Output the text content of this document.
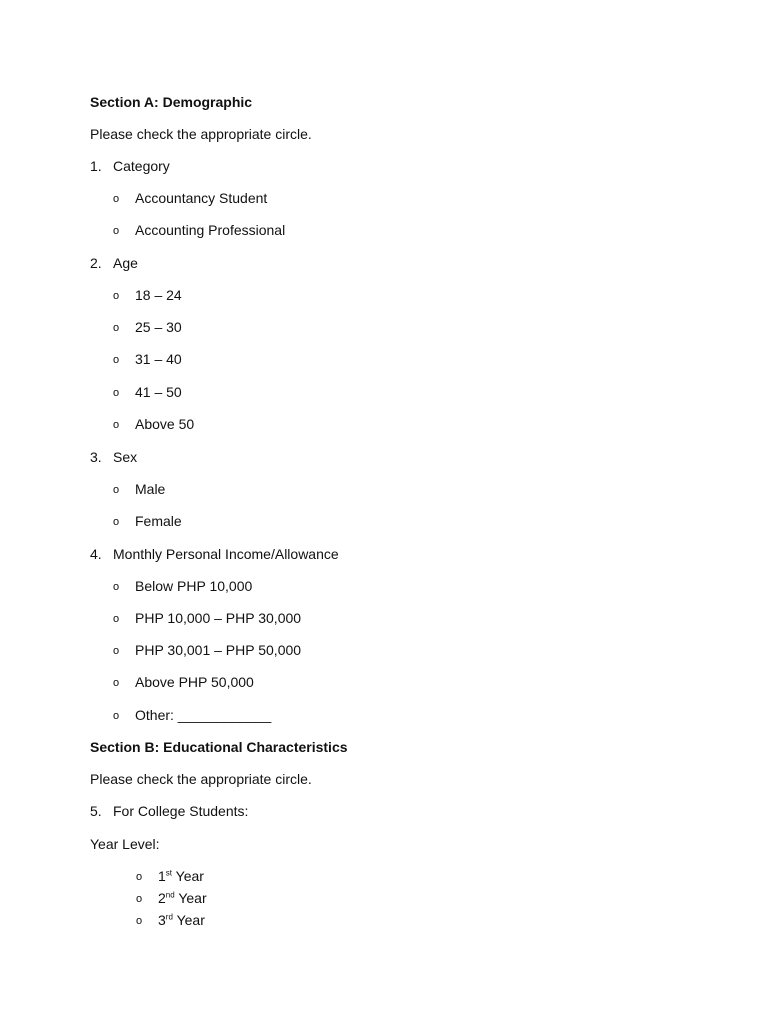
Section A: Demographic
Please check the appropriate circle.
1. Category
o Accountancy Student
o Accounting Professional
2. Age
o 18 – 24
o 25 – 30
o 31 – 40
o 41 – 50
o Above 50
3. Sex
o Male
o Female
4. Monthly Personal Income/Allowance
o Below PHP 10,000
o PHP 10,000 – PHP 30,000
o PHP 30,001 – PHP 50,000
o Above PHP 50,000
o Other: ____________
Section B: Educational Characteristics
Please check the appropriate circle.
5. For College Students:
Year Level:
o 1st Year
o 2nd Year
o 3rd Year
